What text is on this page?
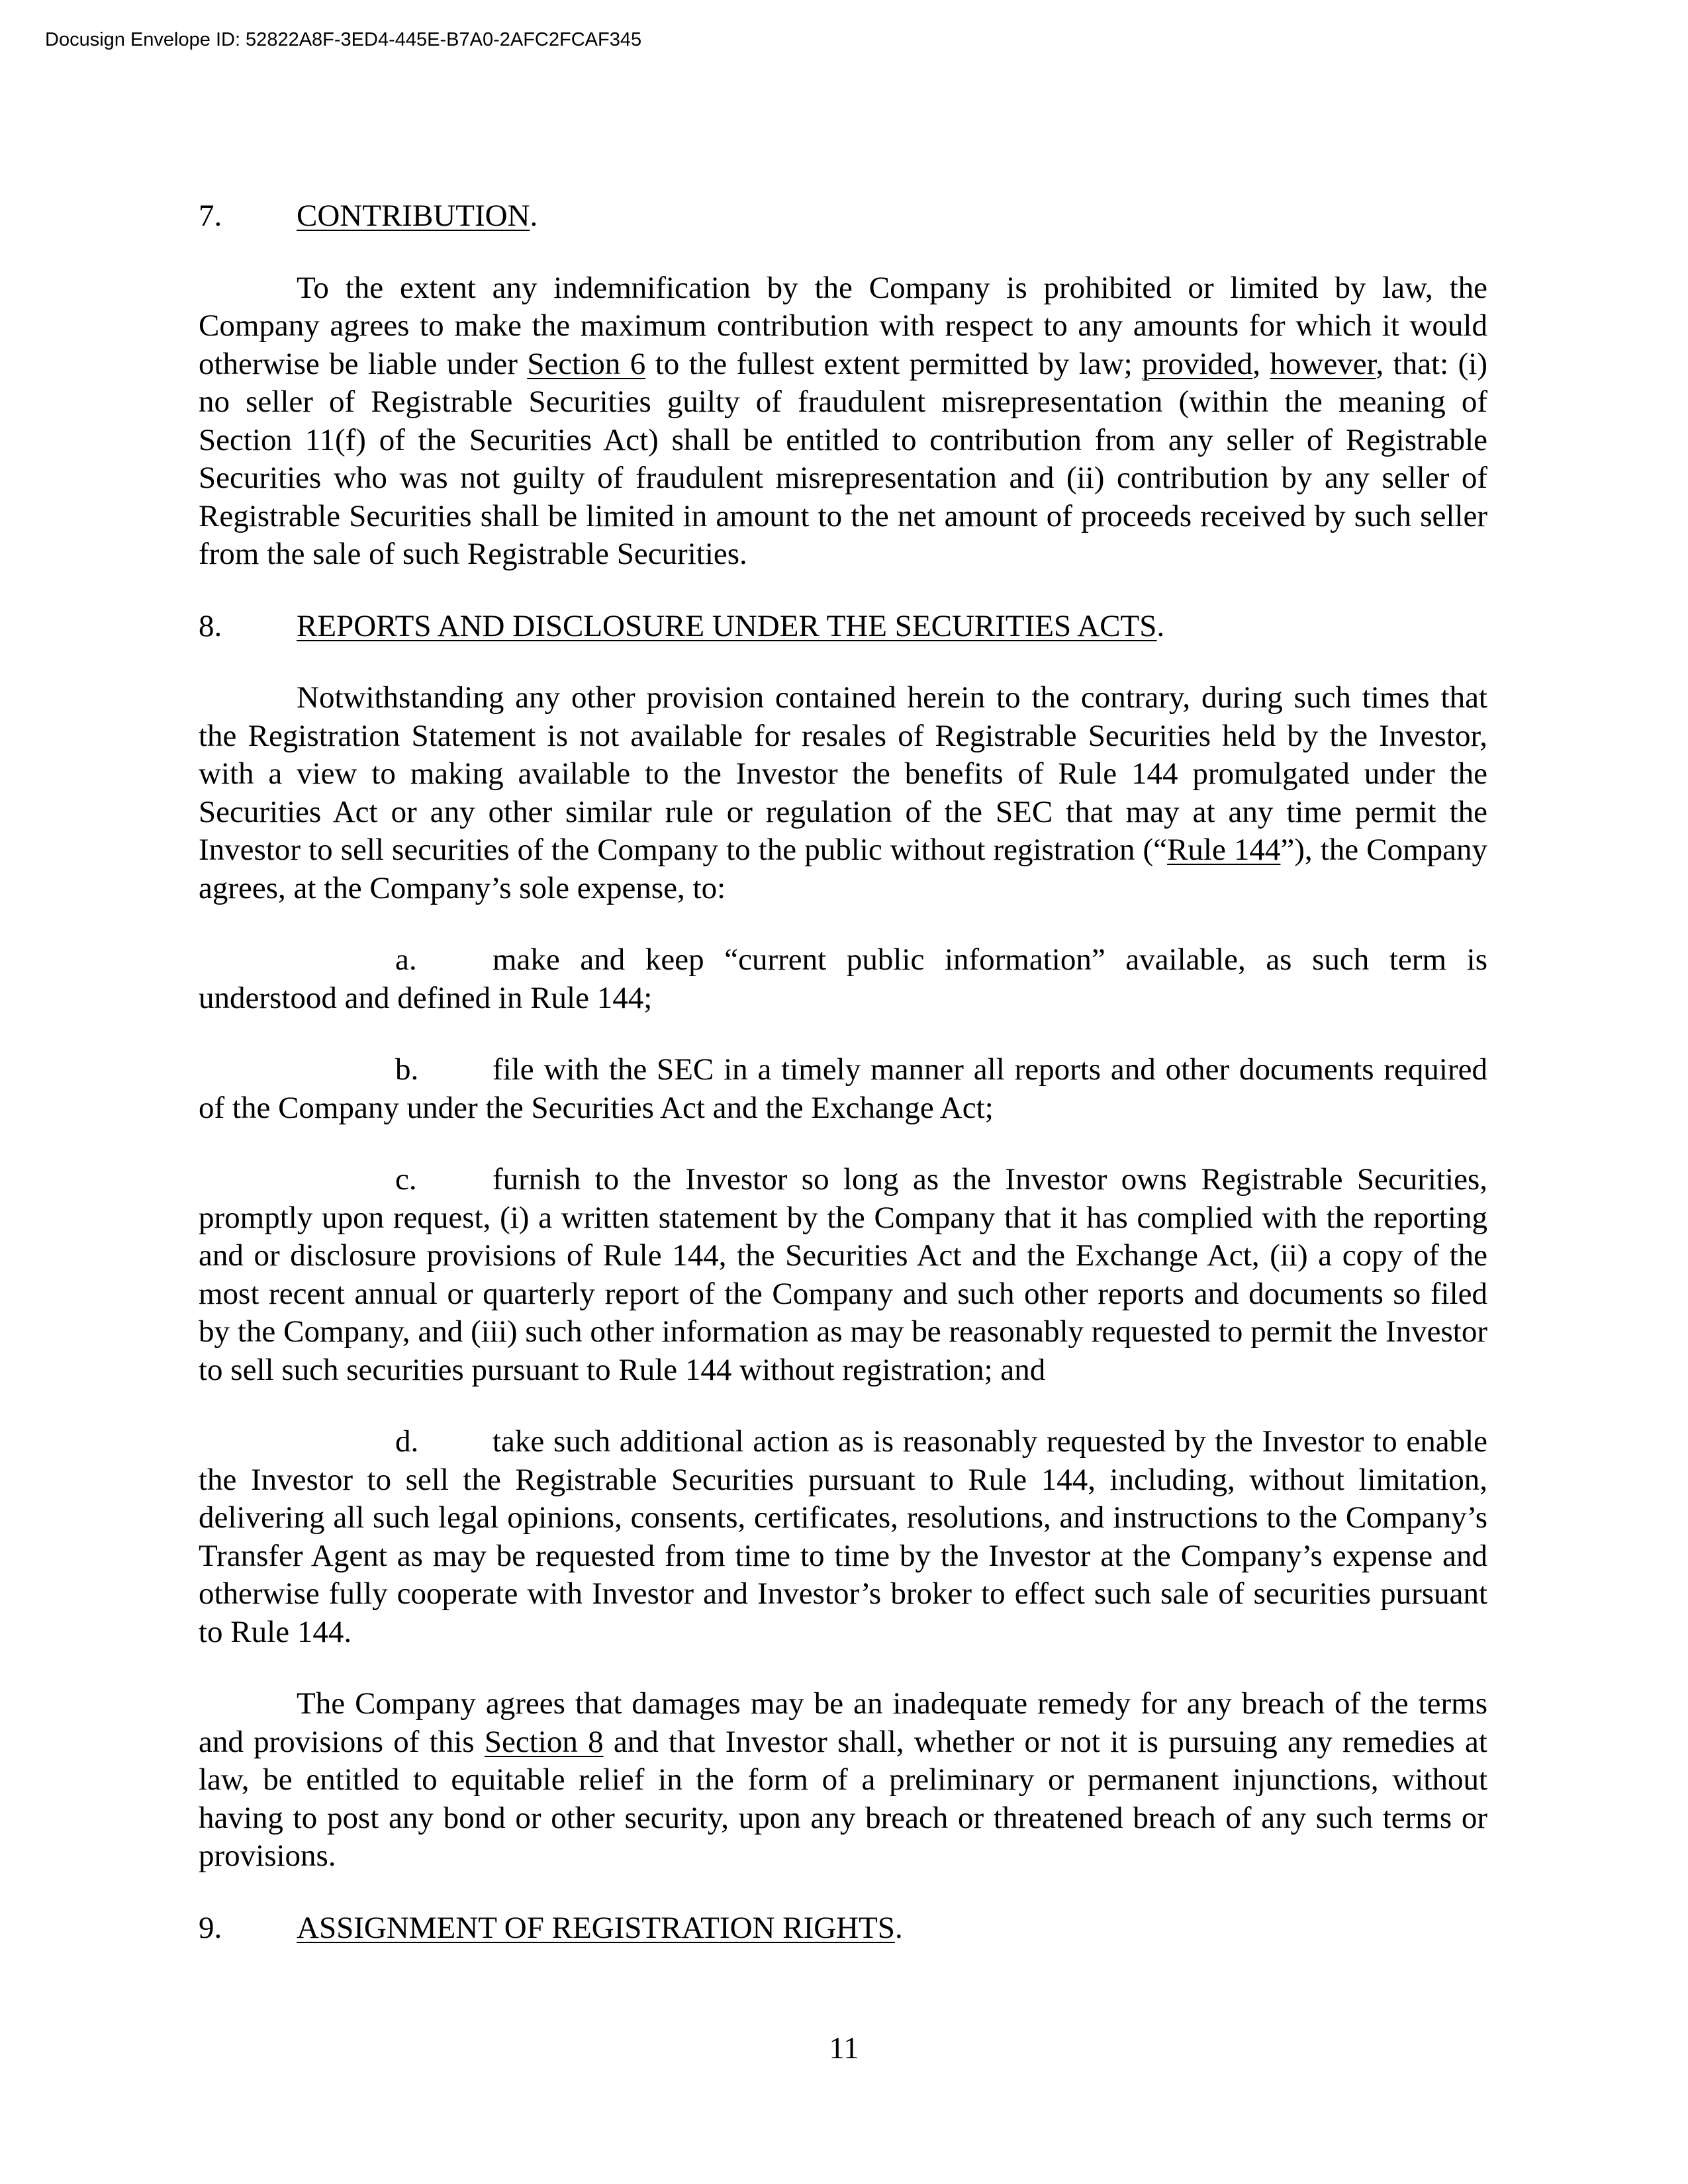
Docusign Envelope ID: 52822A8F-3ED4-445E-B7A0-2AFC2FCAF345

7. CONTRIBUTION.

To the extent any indemnification by the Company is prohibited or limited by law, the Company agrees to make the maximum contribution with respect to any amounts for which it would otherwise be liable under Section 6 to the fullest extent permitted by law; provided, however, that: (i) no seller of Registrable Securities guilty of fraudulent misrepresentation (within the meaning of Section 11(f) of the Securities Act) shall be entitled to contribution from any seller of Registrable Securities who was not guilty of fraudulent misrepresentation and (ii) contribution by any seller of Registrable Securities shall be limited in amount to the net amount of proceeds received by such seller from the sale of such Registrable Securities.

8. REPORTS AND DISCLOSURE UNDER THE SECURITIES ACTS.

Notwithstanding any other provision contained herein to the contrary, during such times that the Registration Statement is not available for resales of Registrable Securities held by the Investor, with a view to making available to the Investor the benefits of Rule 144 promulgated under the Securities Act or any other similar rule or regulation of the SEC that may at any time permit the Investor to sell securities of the Company to the public without registration (“Rule 144”), the Company agrees, at the Company’s sole expense, to:

a. make and keep “current public information” available, as such term is understood and defined in Rule 144;

b. file with the SEC in a timely manner all reports and other documents required of the Company under the Securities Act and the Exchange Act;

c. furnish to the Investor so long as the Investor owns Registrable Securities, promptly upon request, (i) a written statement by the Company that it has complied with the reporting and or disclosure provisions of Rule 144, the Securities Act and the Exchange Act, (ii) a copy of the most recent annual or quarterly report of the Company and such other reports and documents so filed by the Company, and (iii) such other information as may be reasonably requested to permit the Investor to sell such securities pursuant to Rule 144 without registration; and

d. take such additional action as is reasonably requested by the Investor to enable the Investor to sell the Registrable Securities pursuant to Rule 144, including, without limitation, delivering all such legal opinions, consents, certificates, resolutions, and instructions to the Company’s Transfer Agent as may be requested from time to time by the Investor at the Company’s expense and otherwise fully cooperate with Investor and Investor’s broker to effect such sale of securities pursuant to Rule 144.

The Company agrees that damages may be an inadequate remedy for any breach of the terms and provisions of this Section 8 and that Investor shall, whether or not it is pursuing any remedies at law, be entitled to equitable relief in the form of a preliminary or permanent injunctions, without having to post any bond or other security, upon any breach or threatened breach of any such terms or provisions.

9. ASSIGNMENT OF REGISTRATION RIGHTS.

11
